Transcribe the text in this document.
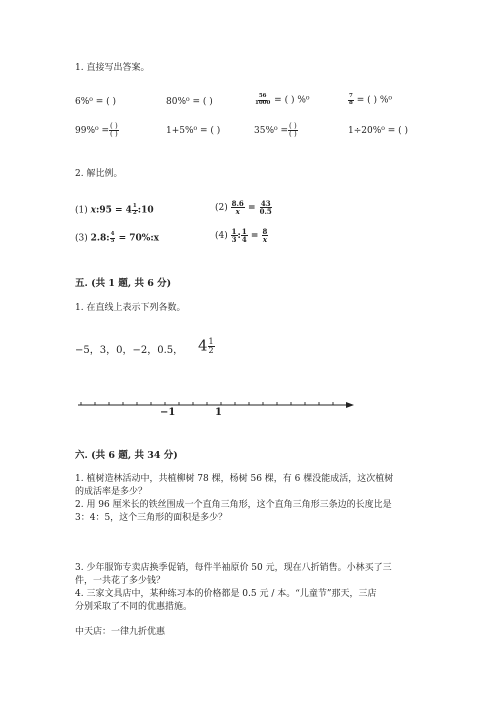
1. 直接写出答案。
6%⁰ = ( )	80%⁰ = ( )	$\frac{56}{1000}$ = ( ) %⁰	$\frac{7}{8}$ = ( ) %⁰
$99\%^0 = \frac{( )}{( )}$	1+5%⁰ = ( )	$35\%^0 = \frac{( )}{( )}$	1÷20%⁰ = ( )
2. 解比例。
(1) x:95 = $4 \frac{1}{2}$ :10	$(2) \frac{8.6}{x} = \frac{43}{0.5}$
(3) 2.8: $\frac{4}{5}$ = 70%:x	$(4) \frac{1}{3}$ : $\frac{1}{4} = \frac{8}{x}$
五. (共 1 题, 共 6 分)
1. 在直线上表示下列各数。
−5，3，0，−2，0.5， $4 \frac{1}{2}$
−1	1
六. (共 6 题, 共 34 分)
1. 植树造林活动中，共植柳树 78 棵，杨树 56 棵，有 6 棵没能成活，这次植树
的成活率是多少？
2. 用 96 厘米长的铁丝围成一个直角三角形，这个直角三角形三条边的长度比是
3：4：5，这个三角形的面积是多少？
3. 少年服饰专卖店换季促销，每件半袖原价 50 元，现在八折销售。小林买了三
件，一共花了多少钱？
4. 三家文具店中，某种练习本的价格都是 0.5 元 / 本。“儿童节”那天，三店
分别采取了不同的优惠措施。
中天店：一律九折优惠
